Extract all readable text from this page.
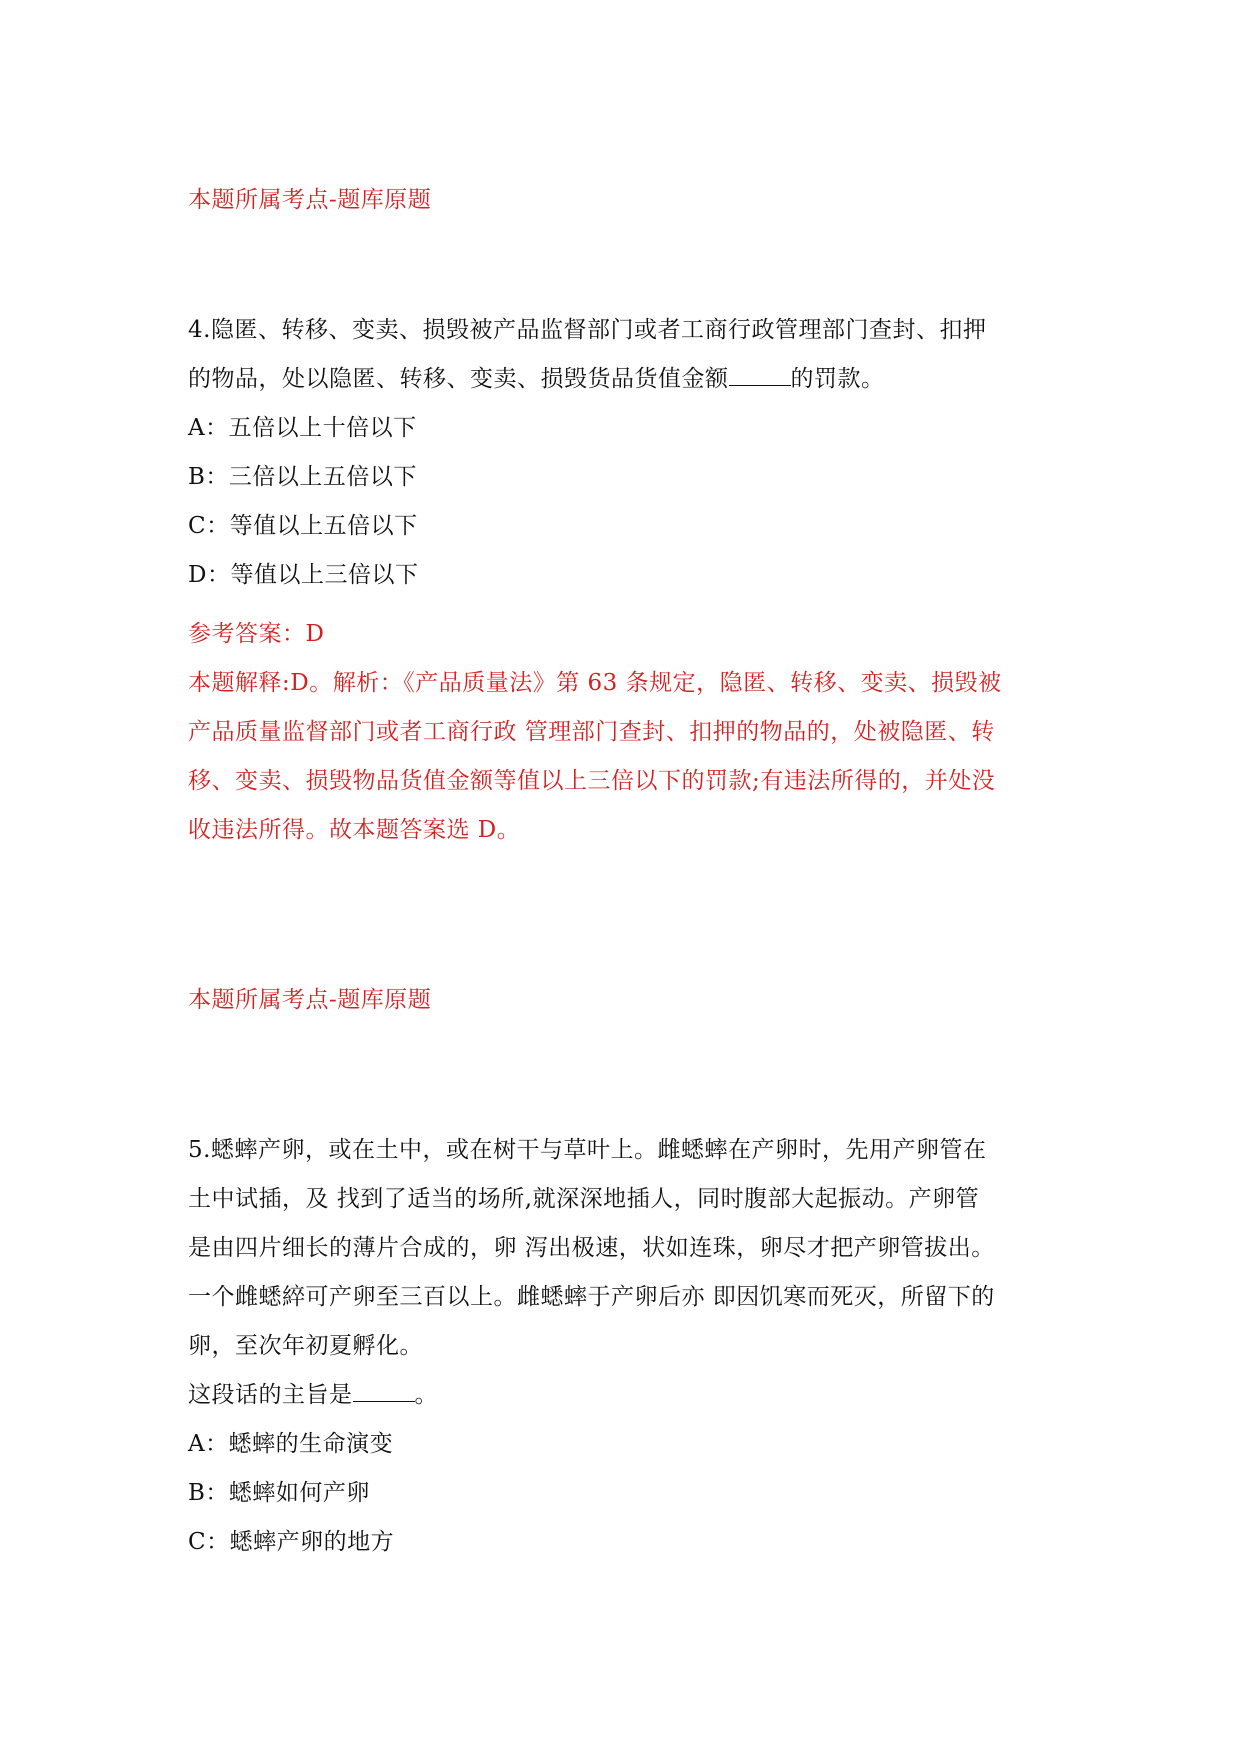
本题所属考点-题库原题
4.隐匿、转移、变卖、损毁被产品监督部门或者工商行政管理部门查封、扣押
的物品，处以隐匿、转移、变卖、损毁货品货值金额	的罚款。
A：五倍以上十倍以下
B：三倍以上五倍以下
C：等值以上五倍以下
D：等值以上三倍以下
参考答案：D
本题解释:D。解析：《产品质量法》第 63 条规定，隐匿、转移、变卖、损毁被
产品质量监督部门或者工商行政 管理部门查封、扣押的物品的，处被隐匿、转
移、变卖、损毁物品货值金额等值以上三倍以下的罚款;有违法所得的，并处没
收违法所得。故本题答案选 D。
本题所属考点-题库原题
5.蟋蟀产卵，或在土中，或在树干与草叶上。雌蟋蟀在产卵时，先用产卵管在
土中试插，及 找到了适当的场所,就深深地插人，同时腹部大起振动。产卵管
是由四片细长的薄片合成的，卵 泻出极速，状如连珠，卵尽才把产卵管拔出。
一个雌蟋綷可产卵至三百以上。雌蟋蟀于产卵后亦 即因饥寒而死灭，所留下的
卵，至次年初夏孵化。
这段话的主旨是	。
A：蟋蟀的生命演变
B：蟋蟀如何产卵
C：蟋蟀产卵的地方
